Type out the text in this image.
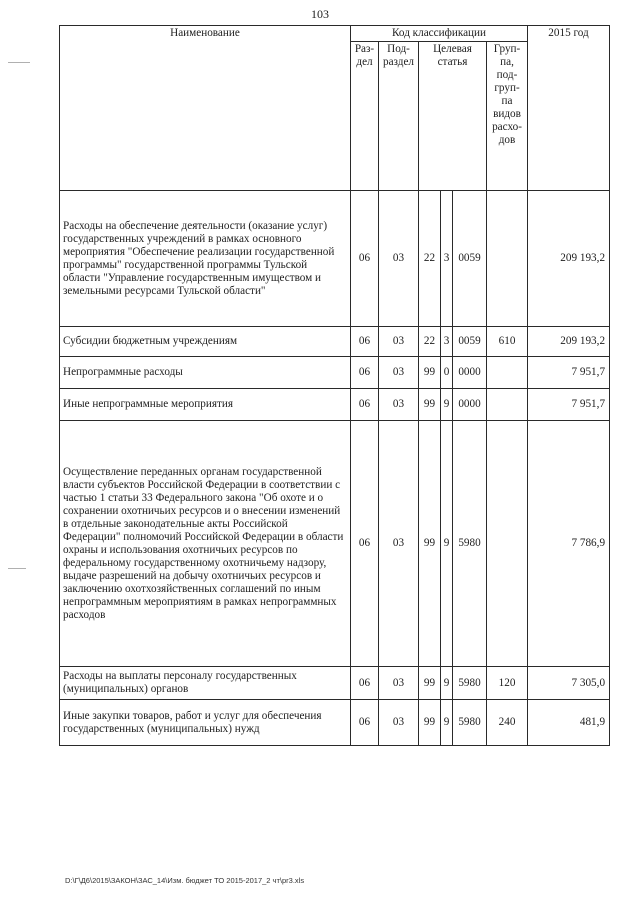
103
Наименование	Код классификации						2015 год
	Раз-дел	Под-раздел	Целевая статья			Груп-па, под-груп-па видов расхо-дов	
Расходы на обеспечение деятельности (оказание услуг) государственных учреждений в рамках основного мероприятия "Обеспечение реализации государственной программы" государственной программы Тульской области "Управление государственным имуществом и земельными ресурсами Тульской области"	06	03	22	3	0059		209 193,2
Субсидии бюджетным учреждениям	06	03	22	3	0059	610	209 193,2
Непрограммные расходы	06	03	99	0	0000		7 951,7
Иные непрограммные мероприятия	06	03	99	9	0000		7 951,7
Осуществление переданных органам государственной власти субъектов Российской Федерации в соответствии с частью 1 статьи 33 Федерального закона "Об охоте и о сохранении охотничьих ресурсов и о внесении изменений в отдельные законодательные акты Российской Федерации" полномочий Российской Федерации в области охраны и использования охотничьих ресурсов по федеральному государственному охотничьему надзору, выдаче разрешений на добычу охотничьих ресурсов и заключению охотхозяйственных соглашений по иным непрограммным мероприятиям в рамках непрограммных расходов	06	03	99	9	5980		7 786,9
Расходы на выплаты персоналу государственных (муниципальных) органов	06	03	99	9	5980	120	7 305,0
Иные закупки товаров, работ и услуг для обеспечения государственных (муниципальных) нужд	06	03	99	9	5980	240	481,9
D:\Г\Д6\2015\ЗАКОН\ЗАС_14\Изм. бюджет ТО 2015-2017_2 чт\pr3.xls
